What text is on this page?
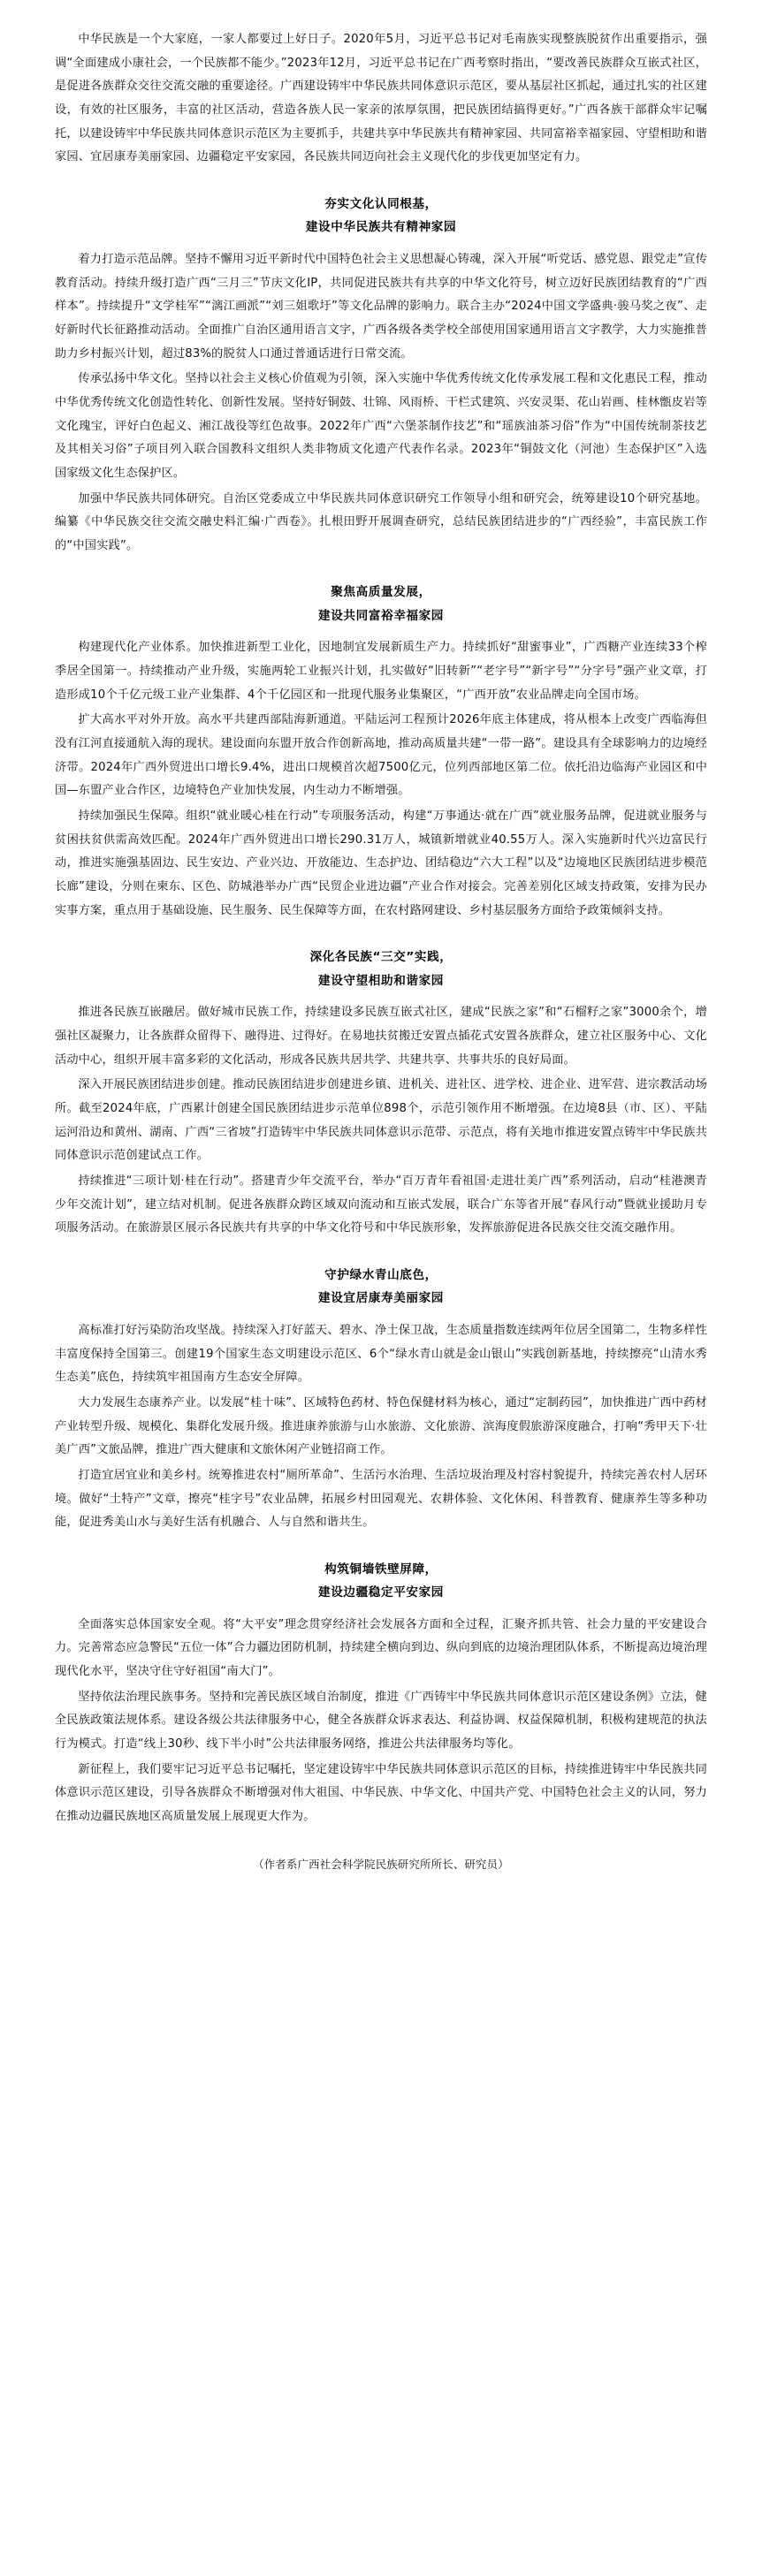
中华民族是一个大家庭，一家人都要过上好日子。2020年5月，习近平总书记对毛南族实现整族脱贫作出重要指示，强调“全面建成小康社会，一个民族都不能少。”2023年12月，习近平总书记在广西考察时指出，“要改善民族群众互嵌式社区，是促进各族群众交往交流交融的重要途径。广西建设铸牢中华民族共同体意识示范区，要从基层社区抓起，通过扎实的社区建设，有效的社区服务，丰富的社区活动，营造各族人民一家亲的浓厚氛围，把民族团结搞得更好。”广西各族干部群众牢记嘱托，以建设铸牢中华民族共同体意识示范区为主要抓手，共建共享中华民族共有精神家园、共同富裕幸福家园、守望相助和谐家园、宜居康寿美丽家园、边疆稳定平安家园，各民族共同迈向社会主义现代化的步伐更加坚定有力。

夯实文化认同根基，
建设中华民族共有精神家园

着力打造示范品牌。坚持不懈用习近平新时代中国特色社会主义思想凝心铸魂，深入开展“听党话、感党恩、跟党走”宣传教育活动。持续升级打造广西“三月三”节庆文化IP，共同促进民族共有共享的中华文化符号，树立迈好民族团结教育的“广西样本”。持续提升“文学桂军”“漓江画派”“刘三姐歌圩”等文化品牌的影响力。联合主办“2024中国文学盛典·骏马奖之夜”、走好新时代长征路推动活动。全面推广自治区通用语言文字，广西各级各类学校全部使用国家通用语言文字教学，大力实施推普助力乡村振兴计划，超过83%的脱贫人口通过普通话进行日常交流。

传承弘扬中华文化。坚持以社会主义核心价值观为引领，深入实施中华优秀传统文化传承发展工程和文化惠民工程，推动中华优秀传统文化创造性转化、创新性发展。坚持好铜鼓、壮锦、风雨桥、干栏式建筑、兴安灵渠、花山岩画、桂林甑皮岩等文化瑰宝，评好白色起义、湘江战役等红色故事。2022年广西“六堡茶制作技艺”和“瑶族油茶习俗”作为“中国传统制茶技艺及其相关习俗”子项目列入联合国教科文组织人类非物质文化遗产代表作名录。2023年“铜鼓文化（河池）生态保护区”入选国家级文化生态保护区。

加强中华民族共同体研究。自治区党委成立中华民族共同体意识研究工作领导小组和研究会，统筹建设10个研究基地。编纂《中华民族交往交流交融史料汇编·广西卷》。扎根田野开展调查研究，总结民族团结进步的“广西经验”，丰富民族工作的“中国实践”。

聚焦高质量发展，
建设共同富裕幸福家园

构建现代化产业体系。加快推进新型工业化，因地制宜发展新质生产力。持续抓好“甜蜜事业”，广西糖产业连续33个榨季居全国第一。持续推动产业升级，实施两轮工业振兴计划，扎实做好“旧转新”“老字号”“新字号”“分字号”强产业文章，打造形成10个千亿元级工业产业集群、4个千亿园区和一批现代服务业集聚区，“广西开放”农业品牌走向全国市场。

扩大高水平对外开放。高水平共建西部陆海新通道。平陆运河工程预计2026年底主体建成，将从根本上改变广西临海但没有江河直接通航入海的现状。建设面向东盟开放合作创新高地，推动高质量共建“一带一路”。建设具有全球影响力的边境经济带。2024年广西外贸进出口增长9.4%，进出口规模首次超7500亿元，位列西部地区第二位。依托沿边临海产业园区和中国—东盟产业合作区，边境特色产业加快发展，内生动力不断增强。

持续加强民生保障。组织“就业暖心桂在行动”专项服务活动，构建“万事通达·就在广西”就业服务品牌，促进就业服务与贫困扶贫供需高效匹配。2024年广西外贸进出口增长290.31万人，城镇新增就业40.55万人。深入实施新时代兴边富民行动，推进实施强基固边、民生安边、产业兴边、开放能边、生态护边、团结稳边“六大工程”以及“边境地区民族团结进步模范长廊”建设，分则在柬东、区色、防城港举办广西“民贸企业进边疆”产业合作对接会。完善差别化区域支持政策，安排为民办实事方案，重点用于基础设施、民生服务、民生保障等方面，在农村路网建设、乡村基层服务方面给予政策倾斜支持。

深化各民族“三交”实践，
建设守望相助和谐家园

推进各民族互嵌融居。做好城市民族工作，持续建设多民族互嵌式社区，建成“民族之家”和“石榴籽之家”3000余个，增强社区凝聚力，让各族群众留得下、融得进、过得好。在易地扶贫搬迁安置点插花式安置各族群众，建立社区服务中心、文化活动中心，组织开展丰富多彩的文化活动，形成各民族共居共学、共建共享、共事共乐的良好局面。

深入开展民族团结进步创建。推动民族团结进步创建进乡镇、进机关、进社区、进学校、进企业、进军营、进宗教活动场所。截至2024年底，广西累计创建全国民族团结进步示范单位898个，示范引领作用不断增强。在边境8县（市、区）、平陆运河沿边和黄州、湖南、广西“三省坡”打造铸牢中华民族共同体意识示范带、示范点，将有关地市推进安置点铸牢中华民族共同体意识示范创建试点工作。

持续推进“三项计划·桂在行动”。搭建青少年交流平台，举办“百万青年看祖国·走进壮美广西”系列活动，启动“桂港澳青少年交流计划”，建立结对机制。促进各族群众跨区域双向流动和互嵌式发展，联合广东等省开展“春风行动”暨就业援助月专项服务活动。在旅游景区展示各民族共有共享的中华文化符号和中华民族形象，发挥旅游促进各民族交往交流交融作用。

守护绿水青山底色，
建设宜居康寿美丽家园

高标准打好污染防治攻坚战。持续深入打好蓝天、碧水、净土保卫战，生态质量指数连续两年位居全国第二，生物多样性丰富度保持全国第三。创建19个国家生态文明建设示范区、6个“绿水青山就是金山银山”实践创新基地，持续擦亮“山清水秀生态美”底色，持续筑牢祖国南方生态安全屏障。

大力发展生态康养产业。以发展“桂十味”、区域特色药材、特色保健材料为核心，通过“定制药园”，加快推进广西中药材产业转型升级、规模化、集群化发展升级。推进康养旅游与山水旅游、文化旅游、滨海度假旅游深度融合，打响“秀甲天下·壮美广西”文旅品牌，推进广西大健康和文旅休闲产业链招商工作。

打造宜居宜业和美乡村。统筹推进农村“厕所革命”、生活污水治理、生活垃圾治理及村容村貌提升，持续完善农村人居环境。做好“土特产”文章，擦亮“桂字号”农业品牌，拓展乡村田园观光、农耕体验、文化休闲、科普教育、健康养生等多种功能，促进秀美山水与美好生活有机融合、人与自然和谐共生。

构筑铜墙铁壁屏障，
建设边疆稳定平安家园

全面落实总体国家安全观。将“大平安”理念贯穿经济社会发展各方面和全过程，汇聚齐抓共管、社会力量的平安建设合力。完善常态应急警民“五位一体”合力疆边团防机制，持续建全横向到边、纵向到底的边境治理团队体系，不断提高边境治理现代化水平，坚决守住守好祖国“南大门”。

坚持依法治理民族事务。坚持和完善民族区域自治制度，推进《广西铸牢中华民族共同体意识示范区建设条例》立法，健全民族政策法规体系。建设各级公共法律服务中心，健全各族群众诉求表达、利益协调、权益保障机制，积极构建规范的执法行为模式。打造“线上30秒、线下半小时”公共法律服务网络，推进公共法律服务均等化。

新征程上，我们要牢记习近平总书记嘱托，坚定建设铸牢中华民族共同体意识示范区的目标，持续推进铸牢中华民族共同体意识示范区建设，引导各族群众不断增强对伟大祖国、中华民族、中华文化、中国共产党、中国特色社会主义的认同，努力在推动边疆民族地区高质量发展上展现更大作为。

（作者系广西社会科学院民族研究所所长、研究员）
